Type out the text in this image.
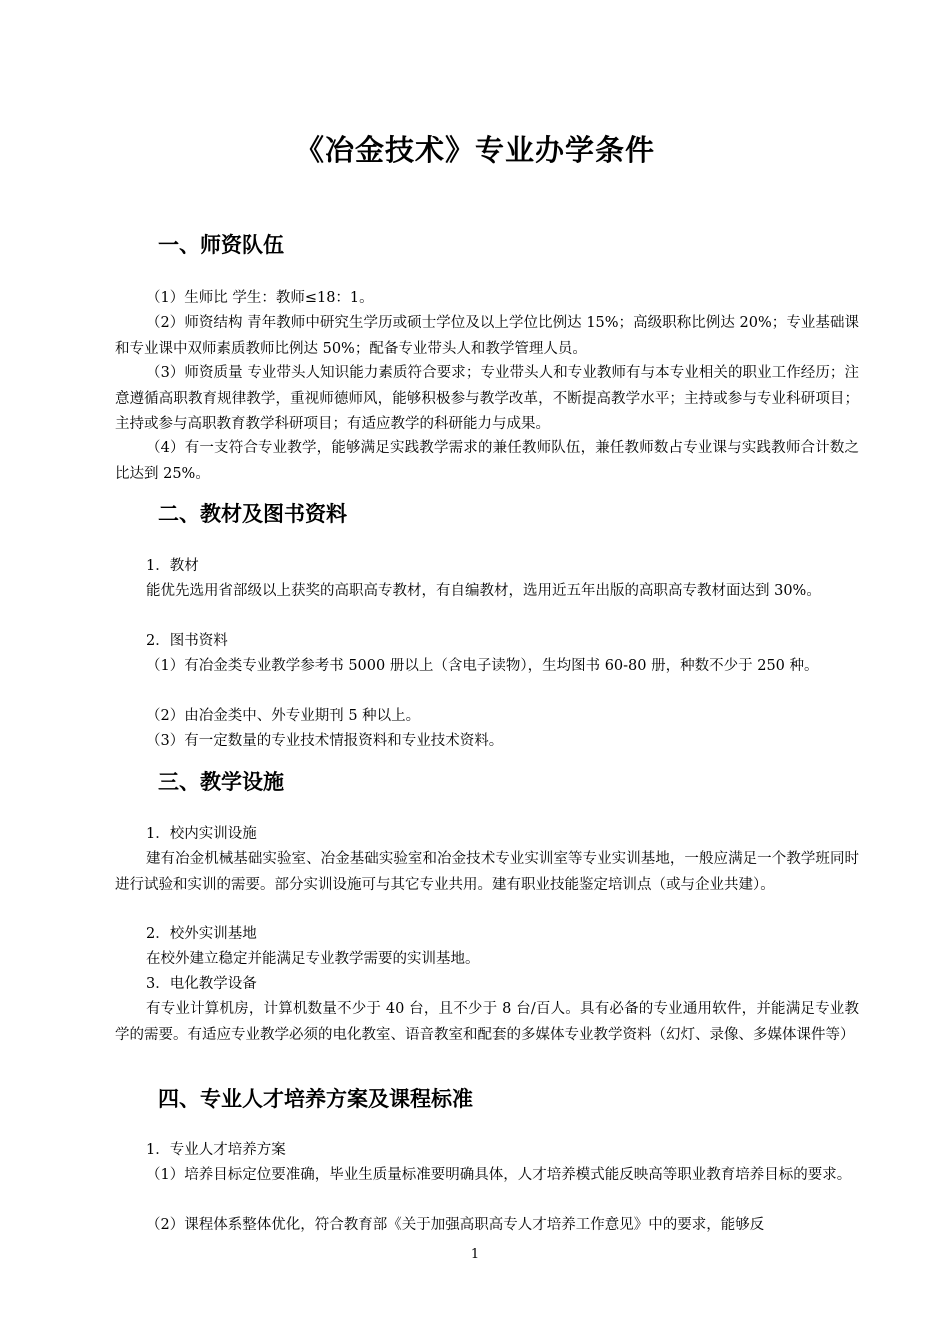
《冶金技术》专业办学条件
一、师资队伍

（1）生师比 学生：教师≤18：1。

（2）师资结构 青年教师中研究生学历或硕士学位及以上学位比例达 15%；高级职称比例达 20%；专业基础课和专业课中双师素质教师比例达 50%；配备专业带头人和教学管理人员。

（3）师资质量 专业带头人知识能力素质符合要求；专业带头人和专业教师有与本专业相关的职业工作经历；注意遵循高职教育规律教学，重视师德师风，能够积极参与教学改革，不断提高教学水平；主持或参与专业科研项目；主持或参与高职教育教学科研项目；有适应教学的科研能力与成果。

（4）有一支符合专业教学，能够满足实践教学需求的兼任教师队伍，兼任教师数占专业课与实践教师合计数之比达到 25%。

二、教材及图书资料

1．教材

能优先选用省部级以上获奖的高职高专教材，有自编教材，选用近五年出版的高职高专教材面达到 30%。

2．图书资料

（1）有冶金类专业教学参考书 5000 册以上（含电子读物），生均图书 60-80 册，种数不少于 250 种。

（2）由冶金类中、外专业期刊 5 种以上。

（3）有一定数量的专业技术情报资料和专业技术资料。

三、教学设施

1．校内实训设施

建有冶金机械基础实验室、冶金基础实验室和冶金技术专业实训室等专业实训基地，一般应满足一个教学班同时进行试验和实训的需要。部分实训设施可与其它专业共用。建有职业技能鉴定培训点（或与企业共建）。

2．校外实训基地

在校外建立稳定并能满足专业教学需要的实训基地。

3．电化教学设备

有专业计算机房，计算机数量不少于 40 台，且不少于 8 台/百人。具有必备的专业通用软件，并能满足专业教学的需要。有适应专业教学必须的电化教室、语音教室和配套的多媒体专业教学资料（幻灯、录像、多媒体课件等）

四、专业人才培养方案及课程标准

1．专业人才培养方案

（1）培养目标定位要准确，毕业生质量标准要明确具体，人才培养模式能反映高等职业教育培养目标的要求。

（2）课程体系整体优化，符合教育部《关于加强高职高专人才培养工作意见》中的要求，能够反

1
